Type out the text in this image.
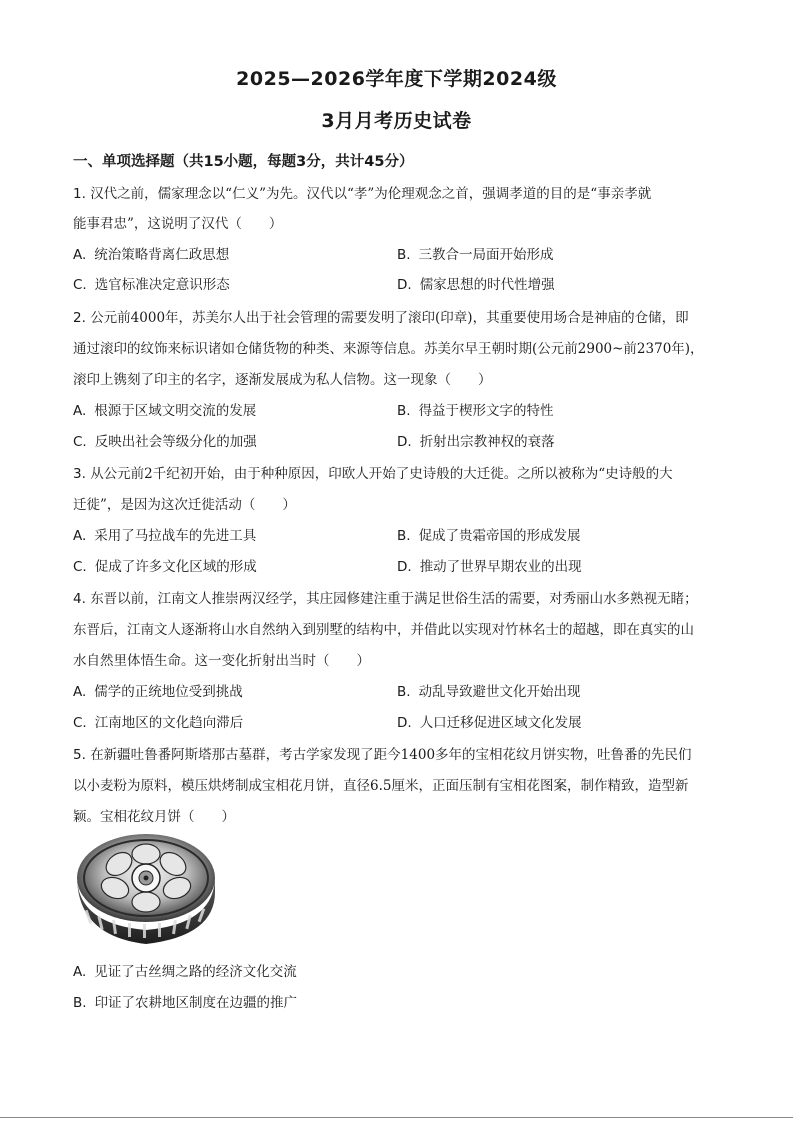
2025—2026学年度下学期2024级
3月月考历史试卷
一、单项选择题（共15小题，每题3分，共计45分）
1. 汉代之前，儒家理念以“仁义”为先。汉代以“孝”为伦理观念之首，强调孝道的目的是“事亲孝就
能事君忠”，这说明了汉代（　　）
A. 统治策略背离仁政思想	B. 三教合一局面开始形成
C. 选官标准决定意识形态	D. 儒家思想的时代性增强
2. 公元前4000年，苏美尔人出于社会管理的需要发明了滚印(印章)，其重要使用场合是神庙的仓储，即
通过滚印的纹饰来标识诸如仓储货物的种类、来源等信息。苏美尔早王朝时期(公元前2900~前2370年)，
滚印上镌刻了印主的名字，逐渐发展成为私人信物。这一现象（　　）
A. 根源于区域文明交流的发展	B. 得益于楔形文字的特性
C. 反映出社会等级分化的加强	D. 折射出宗教神权的衰落
3. 从公元前2千纪初开始，由于种种原因，印欧人开始了史诗般的大迁徙。之所以被称为“史诗般的大
迁徙”，是因为这次迁徙活动（　　）
A. 采用了马拉战车的先进工具	B. 促成了贵霜帝国的形成发展
C. 促成了许多文化区域的形成	D. 推动了世界早期农业的出现
4. 东晋以前，江南文人推崇两汉经学，其庄园修建注重于满足世俗生活的需要，对秀丽山水多熟视无睹；
东晋后，江南文人逐渐将山水自然纳入到别墅的结构中，并借此以实现对竹林名士的超越，即在真实的山
水自然里体悟生命。这一变化折射出当时（　　）
A. 儒学的正统地位受到挑战	B. 动乱导致避世文化开始出现
C. 江南地区的文化趋向滞后	D. 人口迁移促进区域文化发展
5. 在新疆吐鲁番阿斯塔那古墓群，考古学家发现了距今1400多年的宝相花纹月饼实物，吐鲁番的先民们
以小麦粉为原料，模压烘烤制成宝相花月饼，直径6.5厘米，正面压制有宝相花图案，制作精致，造型新
颖。宝相花纹月饼（　　）
A. 见证了古丝绸之路的经济文化交流
B. 印证了农耕地区制度在边疆的推广
